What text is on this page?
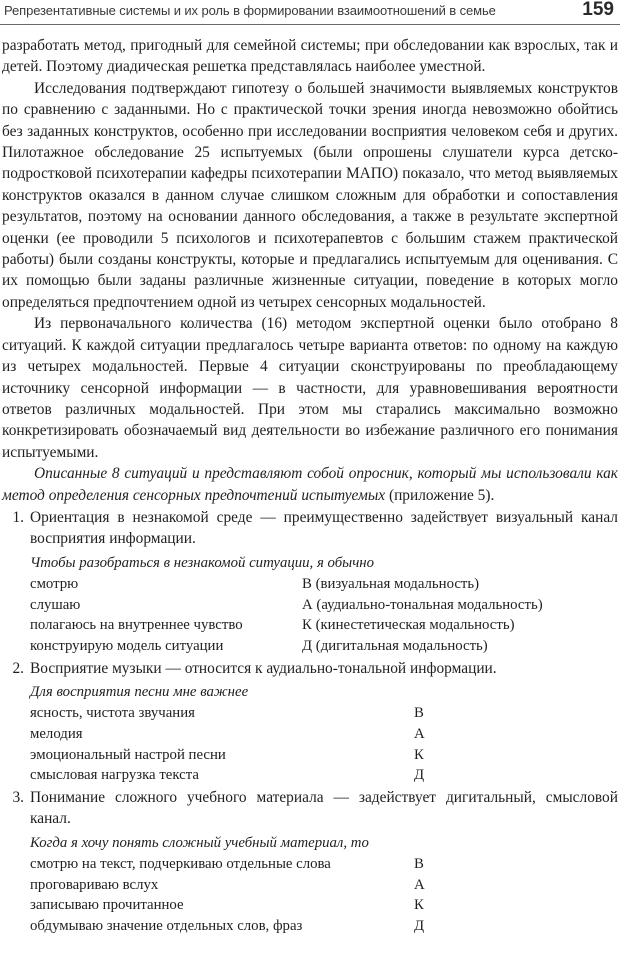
Репрезентативные системы и их роль в формировании взаимоотношений в семье	159

разработать метод, пригодный для семейной системы; при обследовании как взрослых, так и детей. Поэтому диадическая решетка представлялась наиболее уместной.

Исследования подтверждают гипотезу о большей значимости выявляемых конструктов по сравнению с заданными. Но с практической точки зрения иногда невозможно обойтись без заданных конструктов, особенно при исследовании восприятия человеком себя и других. Пилотажное обследование 25 испытуемых (были опрошены слушатели курса детско-подростковой психотерапии кафедры психотерапии МАПО) показало, что метод выявляемых конструктов оказался в данном случае слишком сложным для обработки и сопоставления результатов, поэтому на основании данного обследования, а также в результате экспертной оценки (ее проводили 5 психологов и психотерапевтов с большим стажем практической работы) были созданы конструкты, которые и предлагались испытуемым для оценивания. С их помощью были заданы различные жизненные ситуации, поведение в которых могло определяться предпочтением одной из четырех сенсорных модальностей.

Из первоначального количества (16) методом экспертной оценки было отобрано 8 ситуаций. К каждой ситуации предлагалось четыре варианта ответов: по одному на каждую из четырех модальностей. Первые 4 ситуации сконструированы по преобладающему источнику сенсорной информации — в частности, для уравновешивания вероятности ответов различных модальностей. При этом мы старались максимально возможно конкретизировать обозначаемый вид деятельности во избежание различного его понимания испытуемыми.

Описанные 8 ситуаций и представляют собой опросник, который мы использовали как метод определения сенсорных предпочтений испытуемых (приложение 5).

1. Ориентация в незнакомой среде — преимущественно задействует визуальный канал восприятия информации.

Чтобы разобраться в незнакомой ситуации, я обычно

смотрю	В (визуальная модальность)
слушаю	А (аудиально-тональная модальность)
полагаюсь на внутреннее чувство	К (кинестетическая модальность)
конструирую модель ситуации	Д (дигитальная модальность)
2. Восприятие музыки — относится к аудиально-тональной информации.

Для восприятия песни мне важнее

ясность, чистота звучания	В
мелодия	А
эмоциональный настрой песни	К
смысловая нагрузка текста	Д
3. Понимание сложного учебного материала — задействует дигитальный, смысловой канал.

Когда я хочу понять сложный учебный материал, то

смотрю на текст, подчеркиваю отдельные слова	В
проговариваю вслух	А
записываю прочитанное	К
обдумываю значение отдельных слов, фраз	Д
